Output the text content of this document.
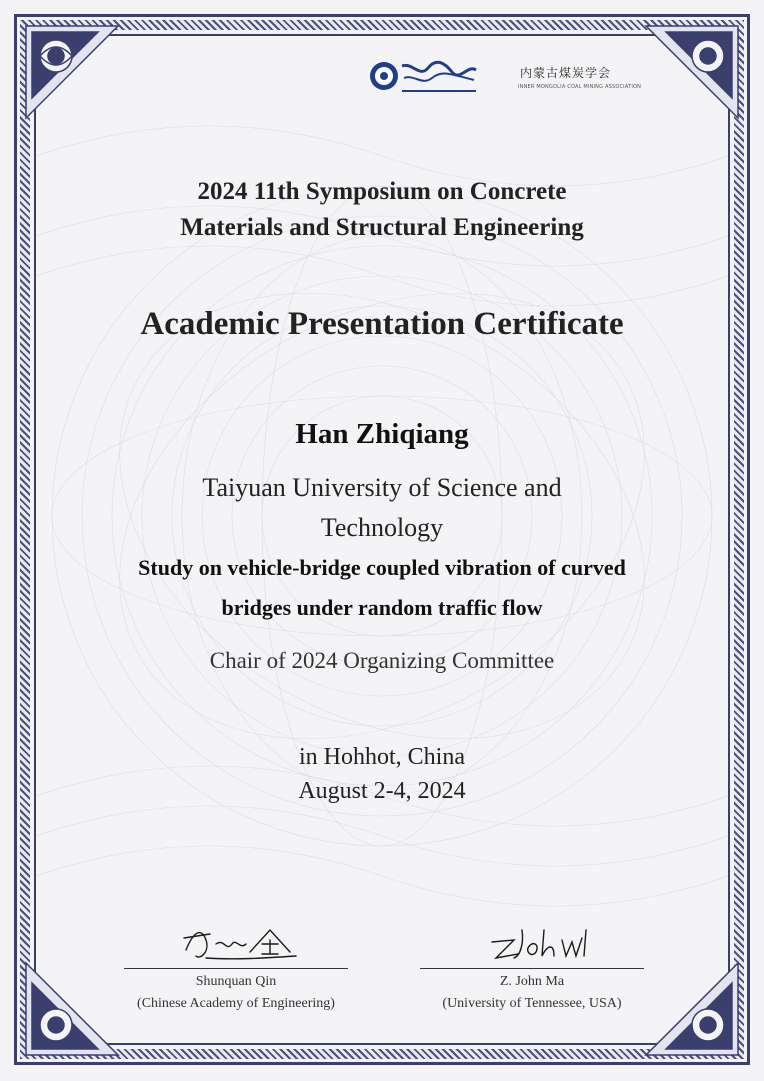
内蒙古煤炭学会
INNER MONGOLIA COAL MINING ASSOCIATION
2024 11th Symposium on Concrete
Materials and Structural Engineering
Academic Presentation Certificate
Han Zhiqiang
Taiyuan University of Science and
Technology
Study on vehicle-bridge coupled vibration of curved
bridges under random traffic flow
Chair of 2024 Organizing Committee
in Hohhot, China
August 2-4, 2024
Shunquan Qin
(Chinese Academy of Engineering)
Z. John Ma
(University of Tennessee, USA)
